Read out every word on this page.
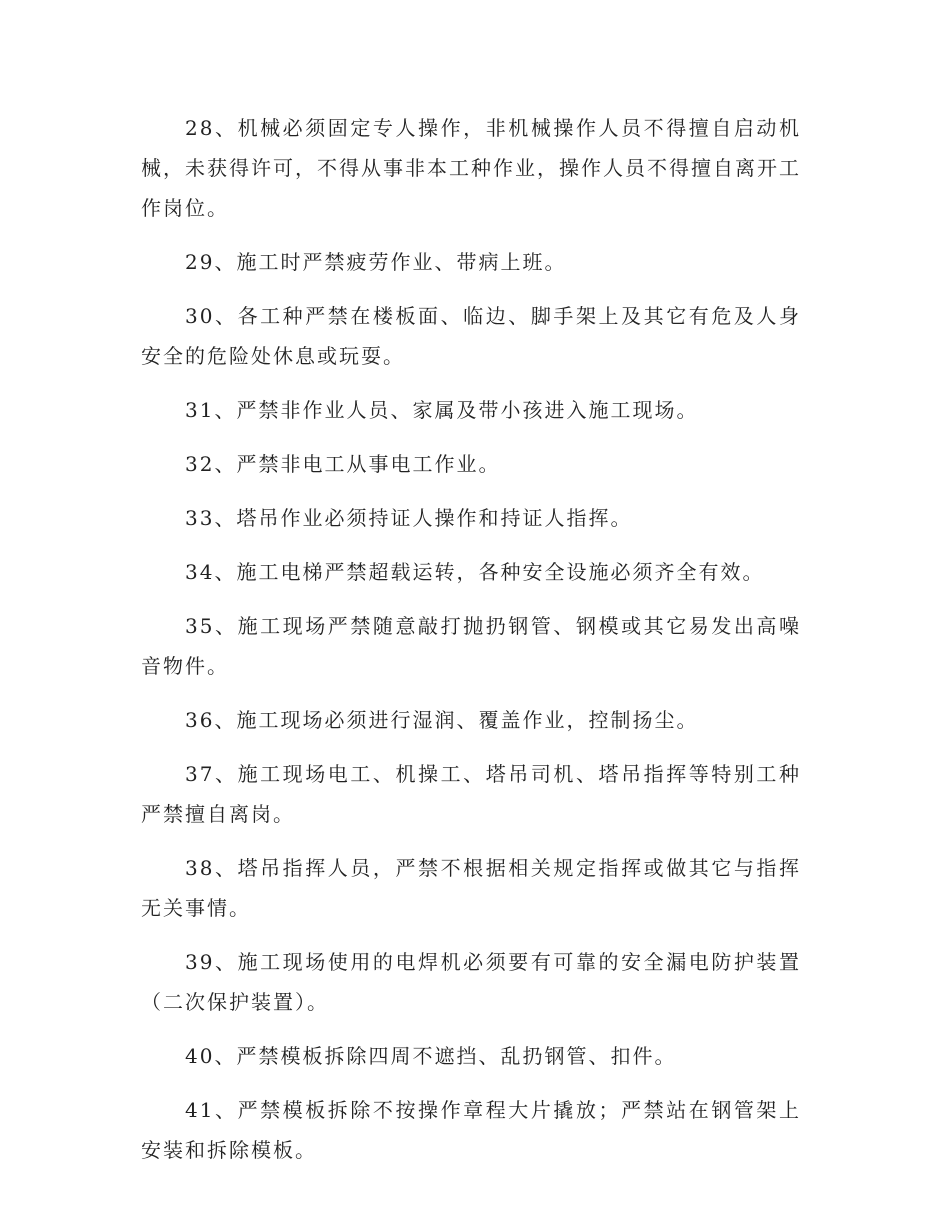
28、机械必须固定专人操作，非机械操作人员不得擅自启动机械，未获得许可，不得从事非本工种作业，操作人员不得擅自离开工作岗位。

29、施工时严禁疲劳作业、带病上班。

30、各工种严禁在楼板面、临边、脚手架上及其它有危及人身安全的危险处休息或玩耍。

31、严禁非作业人员、家属及带小孩进入施工现场。

32、严禁非电工从事电工作业。

33、塔吊作业必须持证人操作和持证人指挥。

34、施工电梯严禁超载运转，各种安全设施必须齐全有效。

35、施工现场严禁随意敲打抛扔钢管、钢模或其它易发出高噪音物件。

36、施工现场必须进行湿润、覆盖作业，控制扬尘。

37、施工现场电工、机操工、塔吊司机、塔吊指挥等特别工种严禁擅自离岗。

38、塔吊指挥人员，严禁不根据相关规定指挥或做其它与指挥无关事情。

39、施工现场使用的电焊机必须要有可靠的安全漏电防护装置（二次保护装置）。

40、严禁模板拆除四周不遮挡、乱扔钢管、扣件。

41、严禁模板拆除不按操作章程大片撬放；严禁站在钢管架上安装和拆除模板。
